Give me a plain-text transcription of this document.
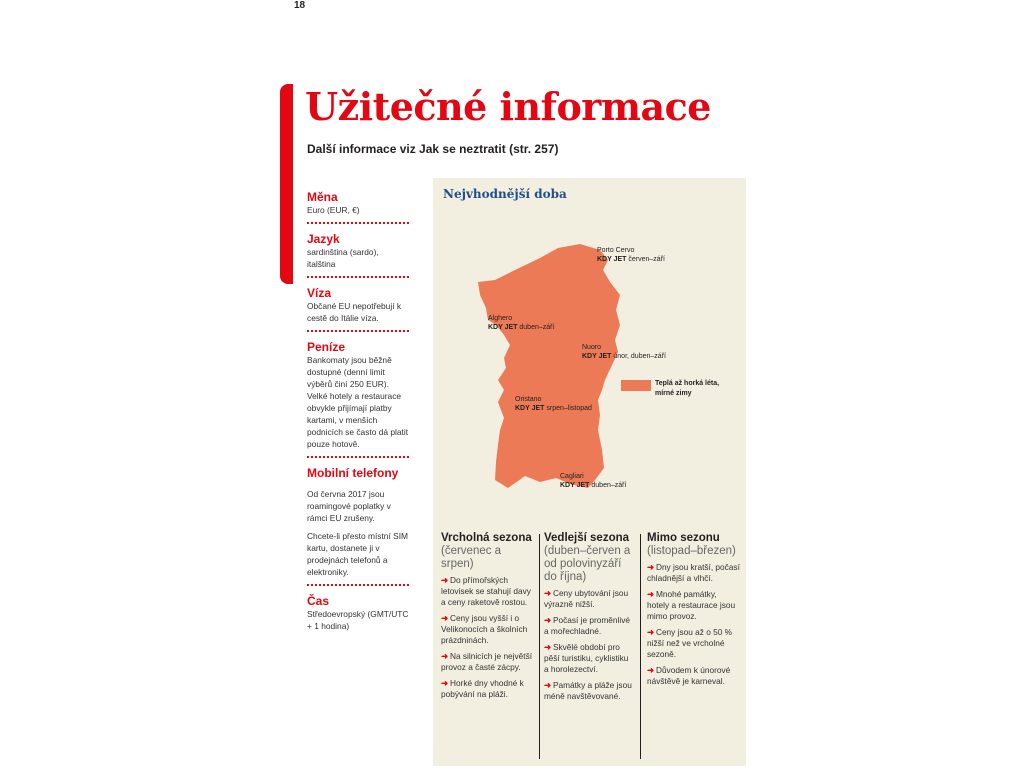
18
Užitečné informace
Další informace viz Jak se neztratit (str. 257)
Měna
Euro (EUR, €)
Jazyk
sardinština (sardo), italština
Víza
Občané EU nepotřebují k cestě do Itálie víza.
Peníze
Bankomaty jsou běžně dostupné (denní limit výběrů činí 250 EUR). Velké hotely a restaurace obvykle přijímají platby kartami, v menších podnicích se často dá platit pouze hotově.
Mobilní telefony

Od června 2017 jsou roamingové poplatky v rámci EU zrušeny.

Chcete-li přesto místní SIM kartu, dostanete ji v prodejnách telefonů a elektroniky.

Čas
Středoevropský (GMT/UTC + 1 hodina)
Nejvhodnější doba
Porto Cervo
KDY JET červen–září
Alghero
KDY JET duben–září
Nuoro
KDY JET únor, duben–září
Oristano
KDY JET srpen–listopad
Cagliari
KDY JET duben–září
Teplá až horká léta,
mírné zimy
Vrcholná sezona
(červenec a srpen)
➜ Do přímořských letovisek se stahují davy a ceny raketově rostou.
➜ Ceny jsou vyšší i o Velikonocích a školních prázdninách.
➜ Na silnicích je největší provoz a časté zácpy.
➜ Horké dny vhodné k pobývání na pláži.
Vedlejší sezona (duben–červen a od polovinyzáří do října)
➜ Ceny ubytování jsou výrazně nižší.
➜ Počasí je proměnlivé a mořechladné.
➜ Skvělé období pro pěší turistiku, cyklistiku a horolezectví.
➜ Památky a pláže jsou méně navštěvované.
Mimo sezonu
(listopad–březen)
➜ Dny jsou kratší, počasí chladnější a vlhčí.
➜ Mnohé památky, hotely a restaurace jsou mimo provoz.
➜ Ceny jsou až o 50 % nižší než ve vrcholné sezoně.
➜ Důvodem k únorové návštěvě je karneval.
